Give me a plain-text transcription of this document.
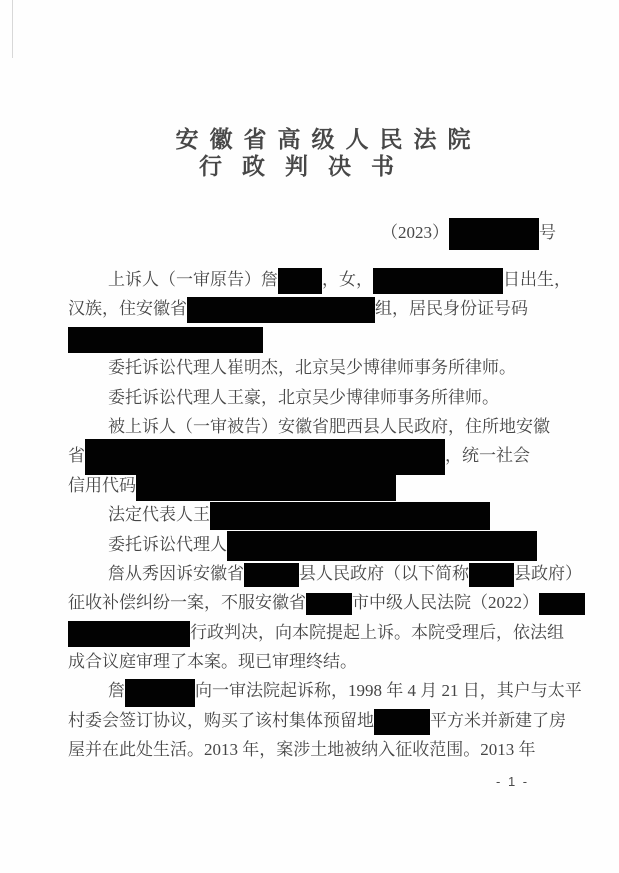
安徽省高级人民法院
行政判决书
（2023）	号
上诉人（一审原告）詹	，女，	日出生，
汉族，住安徽省	组，居民身份证号码
委托诉讼代理人崔明杰，北京吴少博律师事务所律师。
委托诉讼代理人王豪，北京吴少博律师事务所律师。
被上诉人（一审被告）安徽省肥西县人民政府，住所地安徽
省	，统一社会
信用代码
法定代表人王
委托诉讼代理人
詹从秀因诉安徽省	县人民政府（以下简称	县政府）
征收补偿纠纷一案，不服安徽省	市中级人民法院（2022）
行政判决，向本院提起上诉。本院受理后，依法组
成合议庭审理了本案。现已审理终结。
詹	向一审法院起诉称，1998 年 4 月 21 日，其户与太平
村委会签订协议，购买了该村集体预留地	平方米并新建了房
屋并在此处生活。2013 年，案涉土地被纳入征收范围。2013 年
- 1 -
